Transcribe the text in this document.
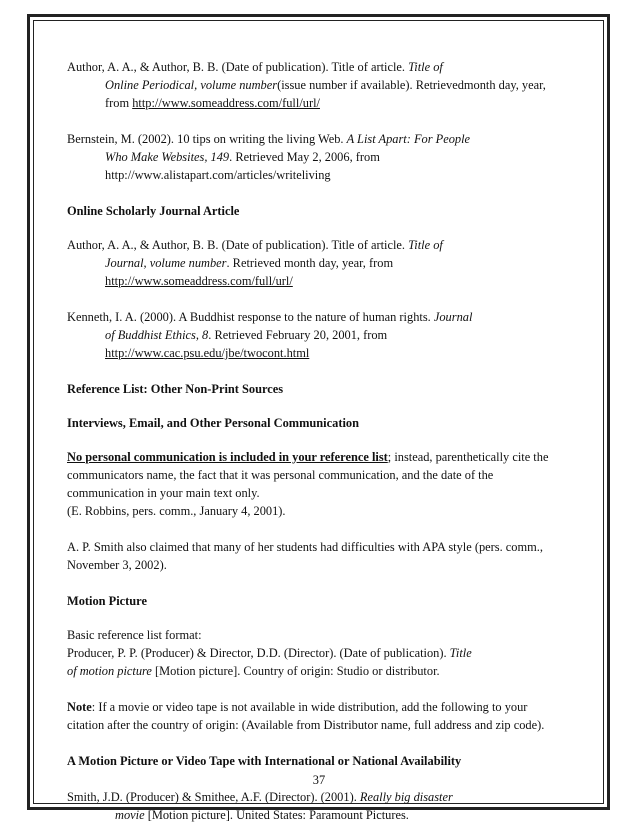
Author, A. A., & Author, B. B. (Date of publication). Title of article. Title of
Online Periodical, volume number(issue number if available). Retrievedmonth day, year,
from http://www.someaddress.com/full/url/
Bernstein, M. (2002). 10 tips on writing the living Web. A List Apart: For People
Who Make Websites, 149. Retrieved May 2, 2006, from
http://www.alistapart.com/articles/writeliving

Online Scholarly Journal Article

Author, A. A., & Author, B. B. (Date of publication). Title of article. Title of
Journal, volume number. Retrieved month day, year, from
http://www.someaddress.com/full/url/
Kenneth, I. A. (2000). A Buddhist response to the nature of human rights. Journal
of Buddhist Ethics, 8. Retrieved February 20, 2001, from
http://www.cac.psu.edu/jbe/twocont.html

Reference List: Other Non-Print Sources

Interviews, Email, and Other Personal Communication

No personal communication is included in your reference list; instead, parenthetically cite the

communicators name, the fact that it was personal communication, and the date of the

communication in your main text only.

(E. Robbins, pers. comm., January 4, 2001).

A. P. Smith also claimed that many of her students had difficulties with APA style (pers. comm.,

November 3, 2002).

Motion Picture

Basic reference list format:

Producer, P. P. (Producer) & Director, D.D. (Director). (Date of publication). Title

of motion picture [Motion picture]. Country of origin: Studio or distributor.

Note: If a movie or video tape is not available in wide distribution, add the following to your

citation after the country of origin: (Available from Distributor name, full address and zip code).

A Motion Picture or Video Tape with International or National Availability

Smith, J.D. (Producer) & Smithee, A.F. (Director). (2001). Really big disaster
movie [Motion picture]. United States: Paramount Pictures.
37
